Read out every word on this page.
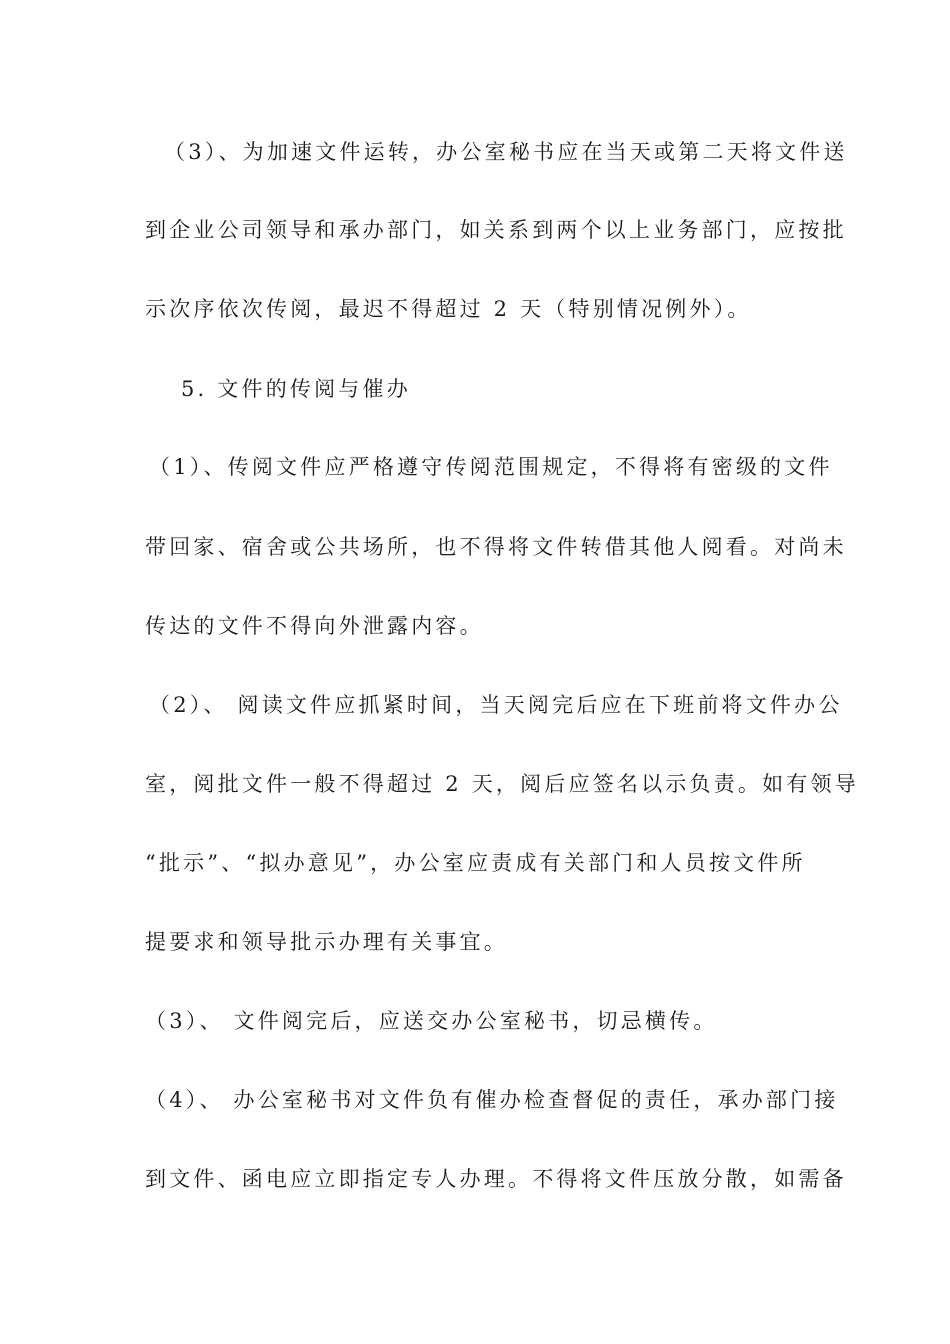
（3）、为加速文件运转，办公室秘书应在当天或第二天将文件送
到企业公司领导和承办部门，如关系到两个以上业务部门，应按批
示次序依次传阅，最迟不得超过 2 天（特别情况例外）。
5. 文件的传阅与催办
（1）、传阅文件应严格遵守传阅范围规定，不得将有密级的文件
带回家、宿舍或公共场所，也不得将文件转借其他人阅看。对尚未
传达的文件不得向外泄露内容。
（2）、 阅读文件应抓紧时间，当天阅完后应在下班前将文件办公
室，阅批文件一般不得超过 2 天，阅后应签名以示负责。如有领导
“批示”、“拟办意见”，办公室应责成有关部门和人员按文件所
提要求和领导批示办理有关事宜。
（3）、 文件阅完后，应送交办公室秘书，切忌横传。
（4）、 办公室秘书对文件负有催办检查督促的责任，承办部门接
到文件、函电应立即指定专人办理。不得将文件压放分散，如需备
